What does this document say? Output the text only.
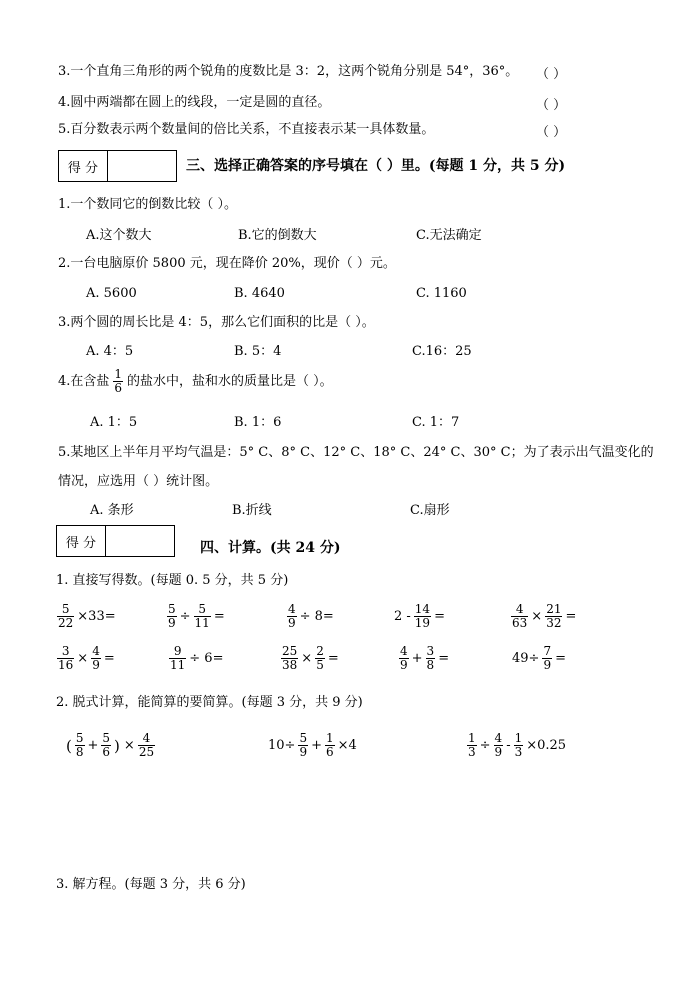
3.一个直角三角形的两个锐角的度数比是 3：2，这两个锐角分别是 54°，36°。 （ ）
4.圆中两端都在圆上的线段，一定是圆的直径。	（ ）
5.百分数表示两个数量间的倍比关系，不直接表示某一具体数量。	（ ）
得 分	三、选择正确答案的序号填在（ ）里。(每题 1 分，共 5 分)
1.一个数同它的倒数比较（ ）。
A.这个数大	B.它的倒数大	C.无法确定
2.一台电脑原价 5800 元，现在降价 20%，现价（ ）元。
A. 5600	B. 4640	C. 1160
3.两个圆的周长比是 4：5，那么它们面积的比是（ ）。
A. 4：5	B. 5：4	C.16：25
4.在含盐 $\frac{1}{6}$ 的盐水中，盐和水的质量比是（ ）。
A. 1：5	B. 1：6	C. 1：7
5.某地区上半年月平均气温是：5° C、8° C、12° C、18° C、24° C、30° C；为了表示出气温变化的
情况，应选用（ ）统计图。
A. 条形	B.折线	C.扇形
得 分	四、计算。(共 24 分)
1. 直接写得数。(每题 0. 5 分，共 5 分)
$\frac{5}{22} \times 33=$	$\frac{5}{9} \div \frac{5}{11}$ =	$\frac{4}{9} \div 8=$	$2 - \frac{14}{19}$ =	$\frac{4}{63} \times \frac{21}{32}$ =
$\frac{3}{16} \times \frac{4}{9}$ =	$\frac{9}{11} \div 6=$	$\frac{25}{38} \times \frac{2}{5}$ =	$\frac{4}{9} + \frac{3}{8}$ =	$49\div \frac{7}{9}$ =
2. 脱式计算，能简算的要简算。(每题 3 分，共 9 分)
( $\frac{5}{8} + \frac{5}{6}$ ) × $\frac{4}{25}$	$10\div \frac{5}{9} + \frac{1}{6} \times 4$	$\frac{1}{3} \div \frac{4}{9} - \frac{1}{3} \times 0.25$
3. 解方程。(每题 3 分，共 6 分)
